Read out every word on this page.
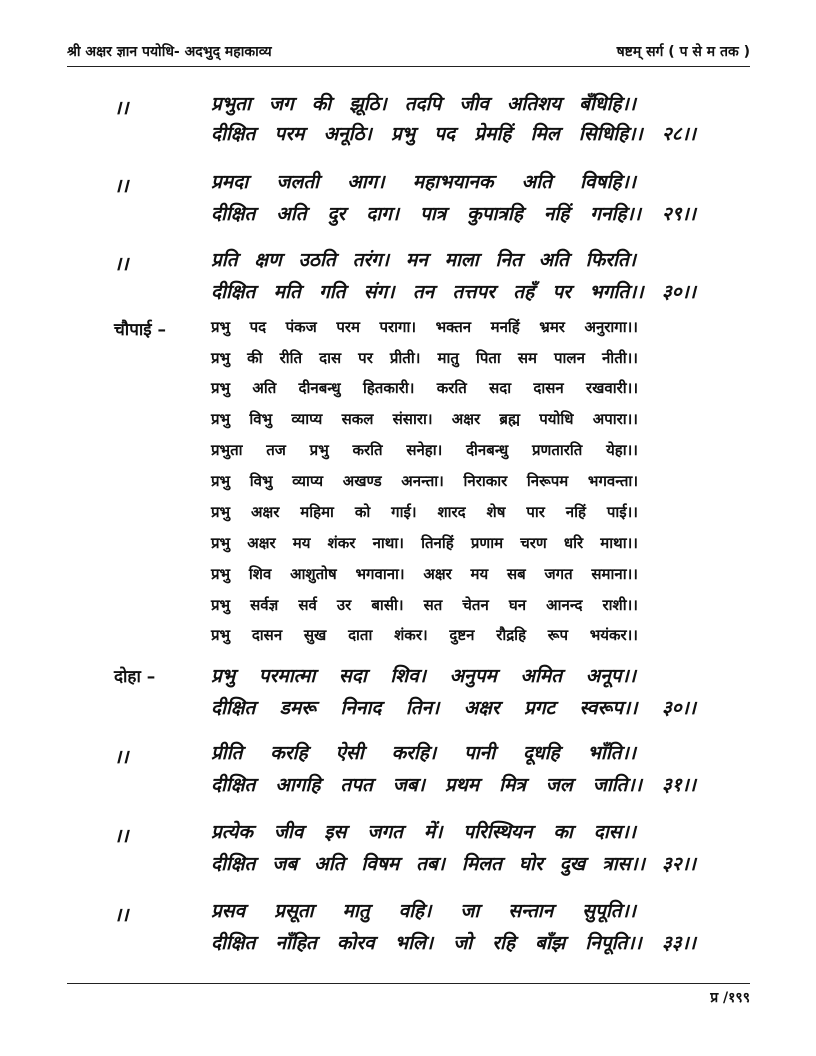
श्री अक्षर ज्ञान पयोधि- अदभुद् महाकाव्य	षष्टम् सर्ग ( प से म तक )
।।	प्रभुता जग की झूठि। तदपि जीव अतिशय बँधिहि।।
दीक्षित परम अनूठि। प्रभु पद प्रेमहिं मिल सिधिहि।। २८।।
।।	प्रमदा जलती आग। महाभयानक अति विषहि।।
दीक्षित अति दुर दाग। पात्र कुपात्रहि नहिं गनहि।। २९।।
।।	प्रति क्षण उठति तरंग। मन माला नित अति फिरति।
दीक्षित मति गति संग। तन तत्तपर तहँ पर भगति।। ३०।।
चौपाई –	प्रभु पद पंकज परम परागा। भक्तन मनहिं भ्रमर अनुरागा।।
प्रभु की रीति दास पर प्रीती। मातु पिता सम पालन नीती।।
प्रभु अति दीनबन्धु हितकारी। करति सदा दासन रखवारी।।
प्रभु विभु व्याप्य सकल संसारा। अक्षर ब्रह्म पयोधि अपारा।।
प्रभुता तज प्रभु करति सनेहा। दीनबन्धु प्रणतारति येहा।।
प्रभु विभु व्याप्य अखण्ड अनन्ता। निराकार निरूपम भगवन्ता।
प्रभु अक्षर महिमा को गाई। शारद शेष पार नहिं पाई।।
प्रभु अक्षर मय शंकर नाथा। तिनहिं प्रणाम चरण धरि माथा।।
प्रभु शिव आशुतोष भगवाना। अक्षर मय सब जगत समाना।।
प्रभु सर्वज्ञ सर्व उर बासी। सत चेतन घन आनन्द राशी।।
प्रभु दासन सुख दाता शंकर। दुष्टन रौद्रहि रूप भयंकर।।
दोहा –	प्रभु परमात्मा सदा शिव। अनुपम अमित अनूप।।
दीक्षित डमरू निनाद तिन। अक्षर प्रगट स्वरूप।। ३०।।
।।	प्रीति करहि ऐसी करहि। पानी दूधहि भाँति।।
दीक्षित आगहि तपत जब। प्रथम मित्र जल जाति।। ३१।।
।।	प्रत्येक जीव इस जगत में। परिस्थियन का दास।।
दीक्षित जब अति विषम तब। मिलत घोर दुख त्रास।। ३२।।
।।	प्रसव प्रसूता मातु वहि। जा सन्तान सुपूति।।
दीक्षित नाँहित कोरव भलि। जो रहि बाँझ निपूति।। ३३।।
प्र /१९९
